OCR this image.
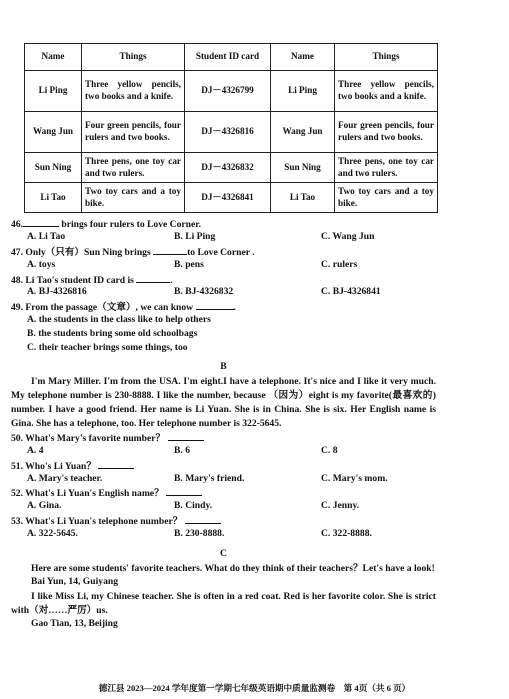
Name	Things	Student ID card	Name	Things
Li Ping	Three yellow pencils, two books and a knife.	DJ－4326799	Li Ping	Three yellow pencils, two books and a knife.
Wang Jun	Four green pencils, four rulers and two books.	DJ－4326816	Wang Jun	Four green pencils, four rulers and two books.
Sun Ning	Three pens, one toy car and two rulers.	DJ－4326832	Sun Ning	Three pens, one toy car and two rulers.
Li Tao	Two toy cars and a toy bike.	DJ－4326841	Li Tao	Two toy cars and a toy bike.
46.	brings four rulers to Love Corner.
A. Li Tao	B. Li Ping	C. Wang Jun
47. Only（只有）Sun Ning brings	to Love Corner .
A. toys	B. pens	C. rulers
48. Li Tao's student ID card is	.
A. BJ-4326816	B. BJ-4326832	C. BJ-4326841
49. From the passage（文章）, we can know	.
A. the students in the class like to help others
B. the students bring some old schoolbags
C. their teacher brings some things, too
B
I'm Mary Miller. I'm from the USA. I'm eight.I have a telephone. It's nice and I like it very much. My telephone number is 230-8888. I like the number, because （因为）eight is my favorite(最喜欢的) number. I have a good friend. Her name is Li Yuan. She is in China. She is six. Her English name is Gina. She has a telephone, too. Her telephone number is 322-5645.
50. What's Mary's favorite number？
A. 4	B. 6	C. 8
51. Who's Li Yuan？
A. Mary's teacher.	B. Mary's friend.	C. Mary's mom.
52. What's Li Yuan's English name？
A. Gina.	B. Cindy.	C. Jenny.
53. What's Li Yuan's telephone number？
A. 322-5645.	B. 230-8888.	C. 322-8888.
C
Here are some students' favorite teachers. What do they think of their teachers？Let's have a look!
Bai Yun, 14, Guiyang
I like Miss Li, my Chinese teacher. She is often in a red coat. Red is her favorite color. She is strict with（对……严厉）us.
Gao Tian, 13, Beijing
德江县 2023—2024 学年度第一学期七年级英语期中质量监测卷　第 4页（共 6 页）
